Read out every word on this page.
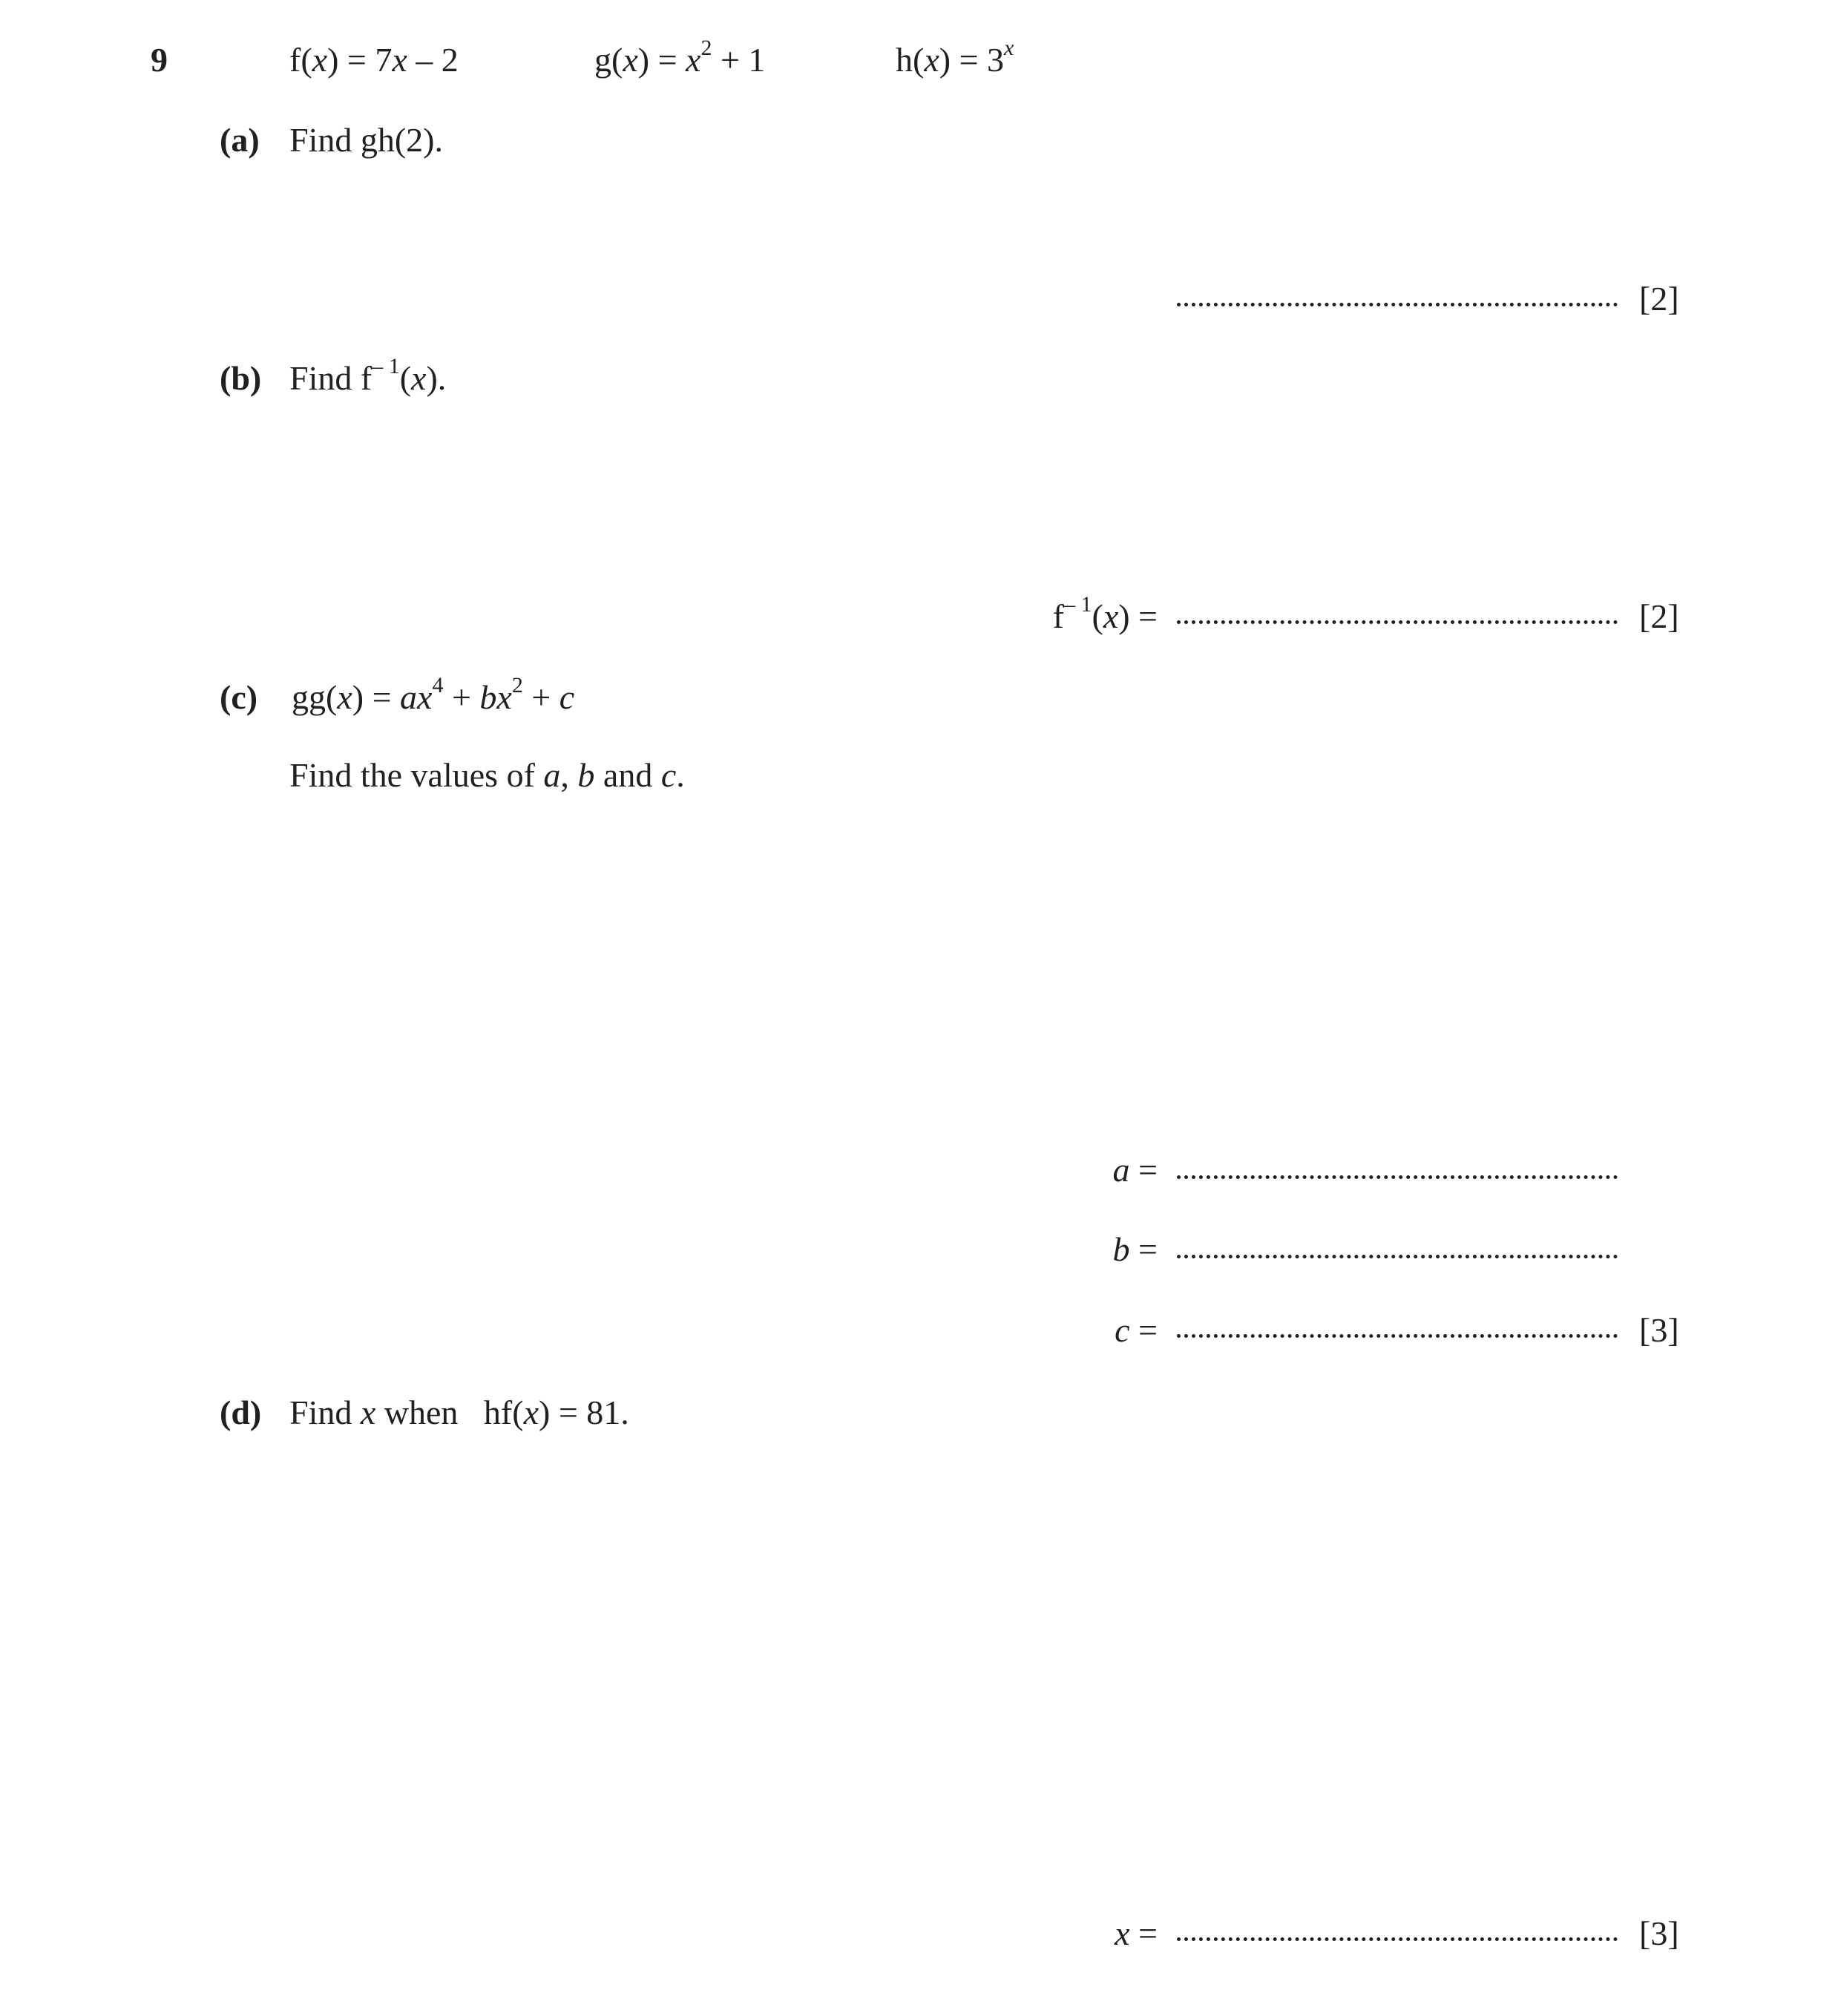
9	f(x) = 7x – 2	$g(x) = x^2 + 1$	$h(x) = 3^x$
(a) Find gh(2).
[2]
(b) Find $f^{- 1}(x)$.
$f^{- 1}(x)$ =	[2]
(c) $gg(x) = ax^4 + bx^2 + c$
Find the values of a, b and c.
a =
b =
c =	[3]
(d) Find x when   hf(x) = 81.
x =	[3]
